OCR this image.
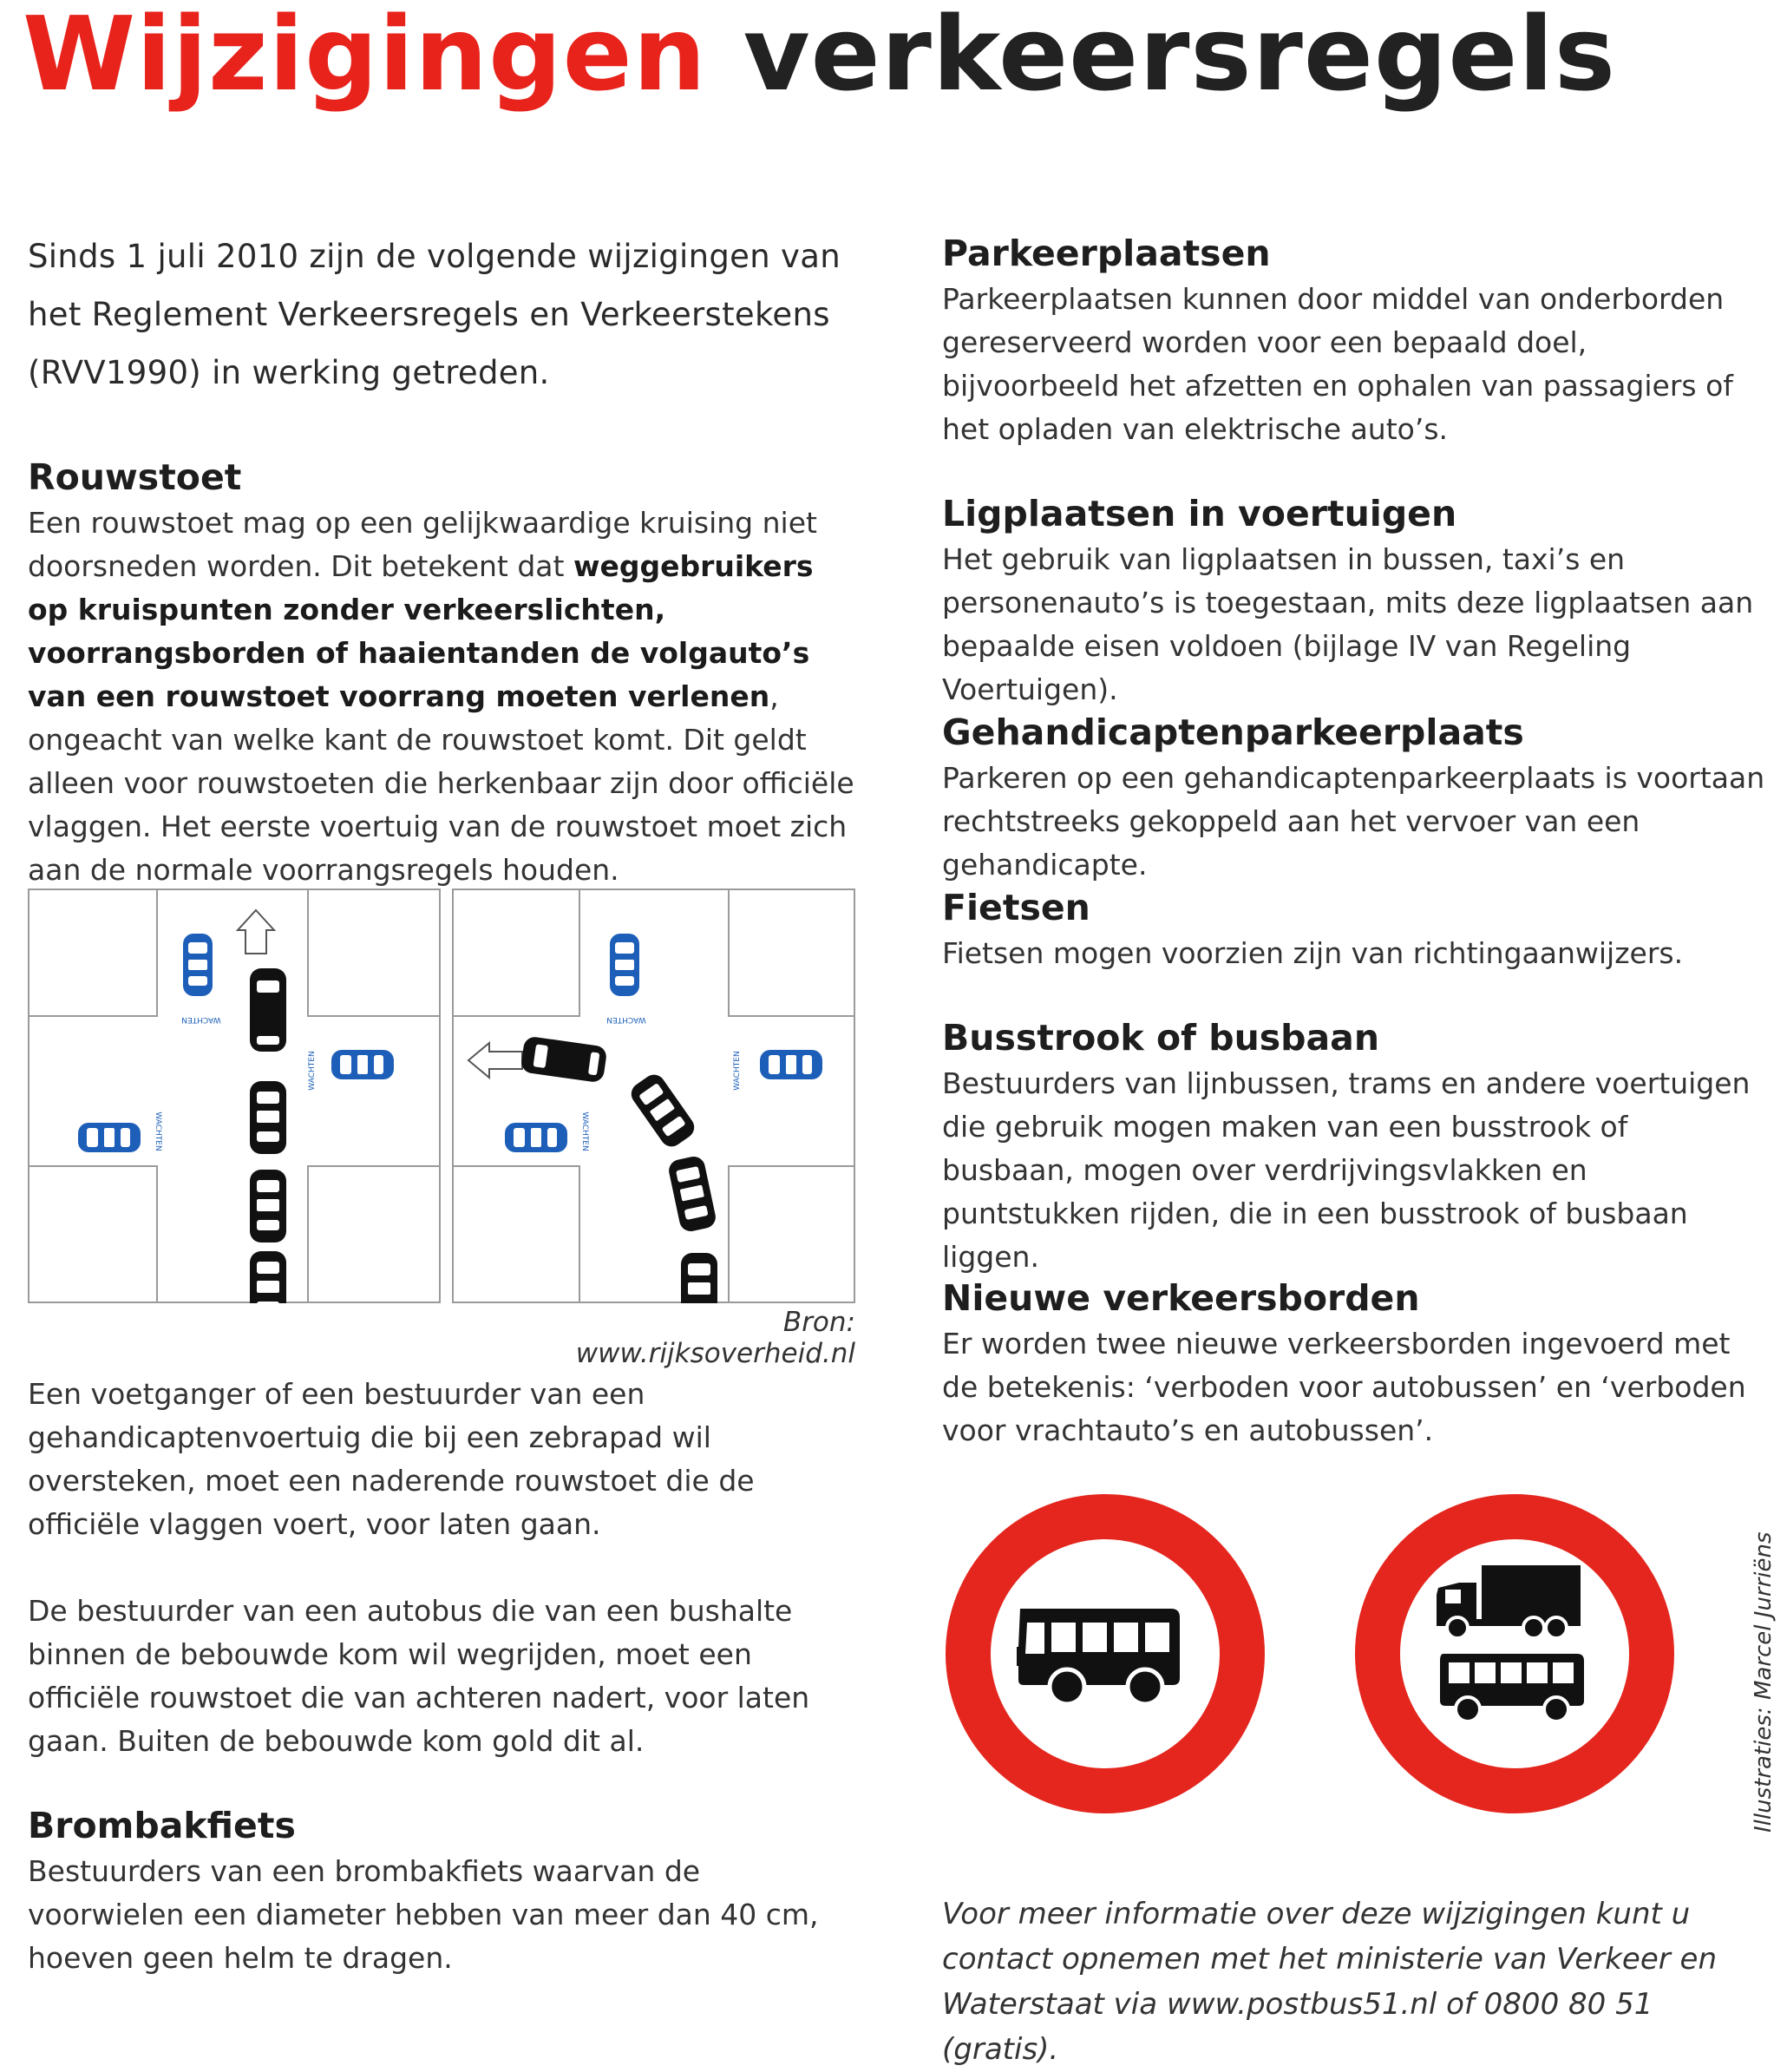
Wijzigingen verkeersregels
Sinds 1 juli 2010 zijn de volgende wijzigingen van het Reglement Verkeersregels en Verkeerstekens (RVV1990) in werking getreden.
Rouwstoet

Een rouwstoet mag op een gelijkwaardige kruising niet doorsneden worden. Dit betekent dat weggebruikers op kruispunten zonder verkeerslichten, voorrangsborden of haaientanden de volgauto’s van een rouwstoet voorrang moeten verlenen, ongeacht van welke kant de rouwstoet komt. Dit geldt alleen voor rouwstoeten die herkenbaar zijn door officiële vlaggen. Het eerste voertuig van de rouwstoet moet zich aan de normale voorrangsregels houden.

WACHTEN
WACHTEN
WACHTEN
WACHTEN
WACHTEN
WACHTEN
Bron: www.rijksoverheid.nl
Een voetganger of een bestuurder van een gehandicaptenvoertuig die bij een zebrapad wil oversteken, moet een naderende rouwstoet die de officiële vlaggen voert, voor laten gaan.
De bestuurder van een autobus die van een bushalte binnen de bebouwde kom wil wegrijden, moet een officiële rouwstoet die van achteren nadert, voor laten gaan. Buiten de bebouwde kom gold dit al.
Brombakfiets

Bestuurders van een brombakfiets waarvan de voorwielen een diameter hebben van meer dan 40 cm, hoeven geen helm te dragen.

Parkeerplaatsen

Parkeerplaatsen kunnen door middel van onderborden gereserveerd worden voor een bepaald doel, bijvoorbeeld het afzetten en ophalen van passagiers of het opladen van elektrische auto’s.

Ligplaatsen in voertuigen

Het gebruik van ligplaatsen in bussen, taxi’s en personenauto’s is toegestaan, mits deze ligplaatsen aan bepaalde eisen voldoen (bijlage IV van Regeling Voertuigen).

Gehandicaptenparkeerplaats

Parkeren op een gehandicaptenparkeerplaats is voortaan rechtstreeks gekoppeld aan het vervoer van een gehandicapte.

Fietsen

Fietsen mogen voorzien zijn van richtingaanwijzers.

Busstrook of busbaan

Bestuurders van lijnbussen, trams en andere voertuigen die gebruik mogen maken van een busstrook of busbaan, mogen over verdrijvingsvlakken en puntstukken rijden, die in een busstrook of busbaan liggen.

Nieuwe verkeersborden

Er worden twee nieuwe verkeersborden ingevoerd met de betekenis: ‘verboden voor autobussen’ en ‘verboden voor vrachtauto’s en autobussen’.

Illustraties: Marcel Jurriëns
Voor meer informatie over deze wijzigingen kunt u contact opnemen met het ministerie van Verkeer en Waterstaat via www.postbus51.nl of 0800 80 51 (gratis).
